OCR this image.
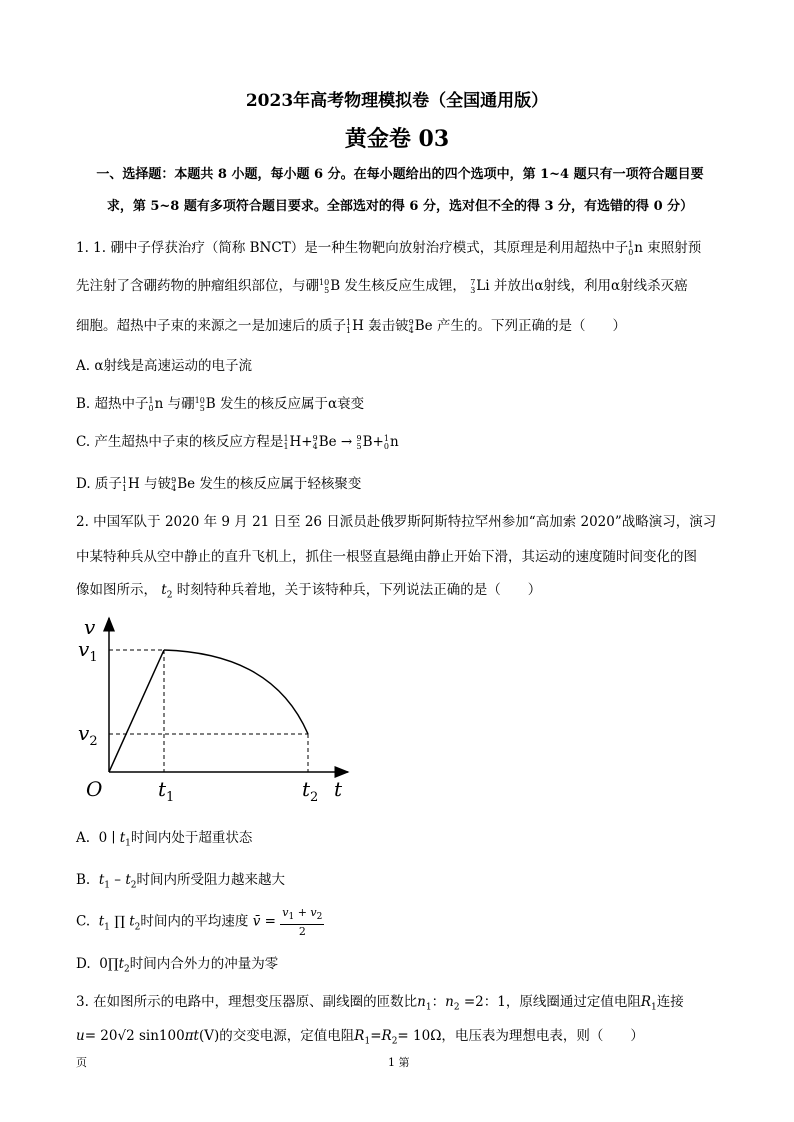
2023年高考物理模拟卷（全国通用版）
黄金卷 03
一、选择题：本题共 8 小题，每小题 6 分。在每小题给出的四个选项中，第 1~4 题只有一项符合题目要
求，第 5~8 题有多项符合题目要求。全部选对的得 6 分，选对但不全的得 3 分，有选错的得 0 分）
1. 1. 硼中子俘获治疗（简称 BNCT）是一种生物靶向放射治疗模式，其原理是利用超热中子 1
0 n 束照射预
先注射了含硼药物的肿瘤组织部位，与硼 10
5 B 发生核反应生成锂， 7
3 Li 并放出α射线，利用α射线杀灭癌
细胞。超热中子束的来源之一是加速后的质子 1
1 H 轰击铍 9
4 Be 产生的。下列正确的是（　　）
A. α射线是高速运动的电子流
B. 超热中子 1
0 n 与硼 10
5 B 发生的核反应属于α衰变
C. 产生超热中子束的核反应方程是 1
1 H+ 9
4 Be → 9
5 B+ 1
0 n
D. 质子 1
1 H 与铍 9
4 Be 发生的核反应属于轻核聚变
2. 中国军队于 2020 年 9 月 21 日至 26 日派员赴俄罗斯阿斯特拉罕州参加“高加索 2020”战略演习，演习
中某特种兵从空中静止的直升飞机上，抓住一根竖直悬绳由静止开始下滑，其运动的速度随时间变化的图
像如图所示， $t_2$ 时刻特种兵着地，关于该特种兵，下列说法正确的是（　　）
v
$v_1$
$v_2$
O	$t_1$	$t_2$ t
A.  0 ∣ $t_1$时间内处于超重状态
B. $t_1 - t_2$时间内所受阻力越来越大
C. $t_1$ ∏ $t_2$时间内的平均速度 v̄ = $\frac{v_1 + v_2}{2}$
D.  $0\prod t_2$时间内合外力的冲量为零
3. 在如图所示的电路中，理想变压器原、副线圈的匝数比$n_1$：$n_2 =2$：1，原线圈通过定值电阻$R_1$连接
u= 20√2 sin100πt(V)的交变电源，定值电阻$R_1=R_2= 10\Omega$，电压表为理想电表，则（　　）
页	1 第
